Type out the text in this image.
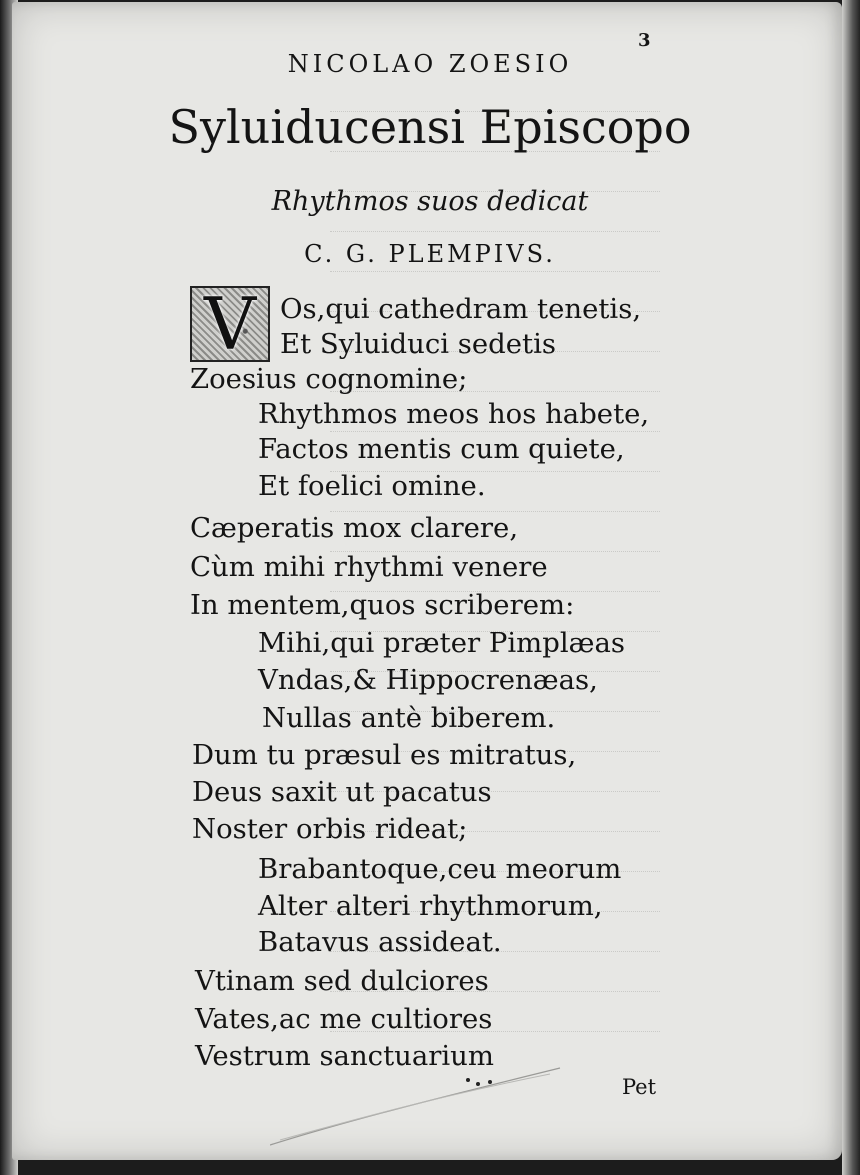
3
NICOLAO ZOESIO
Syluiducensi Episcopo
Rhythmos suos dedicat
C. G. PLEMPIVS.
V Os,qui cathedram tenetis,
Et Syluiduci sedetis
Zoesius cognomine;
Rhythmos meos hos habete,
Factos mentis cum quiete,
Et foelici omine.
Cæperatis mox clarere,
Cùm mihi rhythmi venere
In mentem,quos scriberem:
Mihi,qui præter Pimplæas
Vndas,& Hippocrenæas,
Nullas antè biberem.
Dum tu præsul es mitratus,
Deus saxit ut pacatus
Noster orbis rideat;
Brabantoque,ceu meorum
Alter alteri rhythmorum,
Batavus assideat.
Vtinam sed dulciores
Vates,ac me cultiores
Vestrum sanctuarium
Pet
